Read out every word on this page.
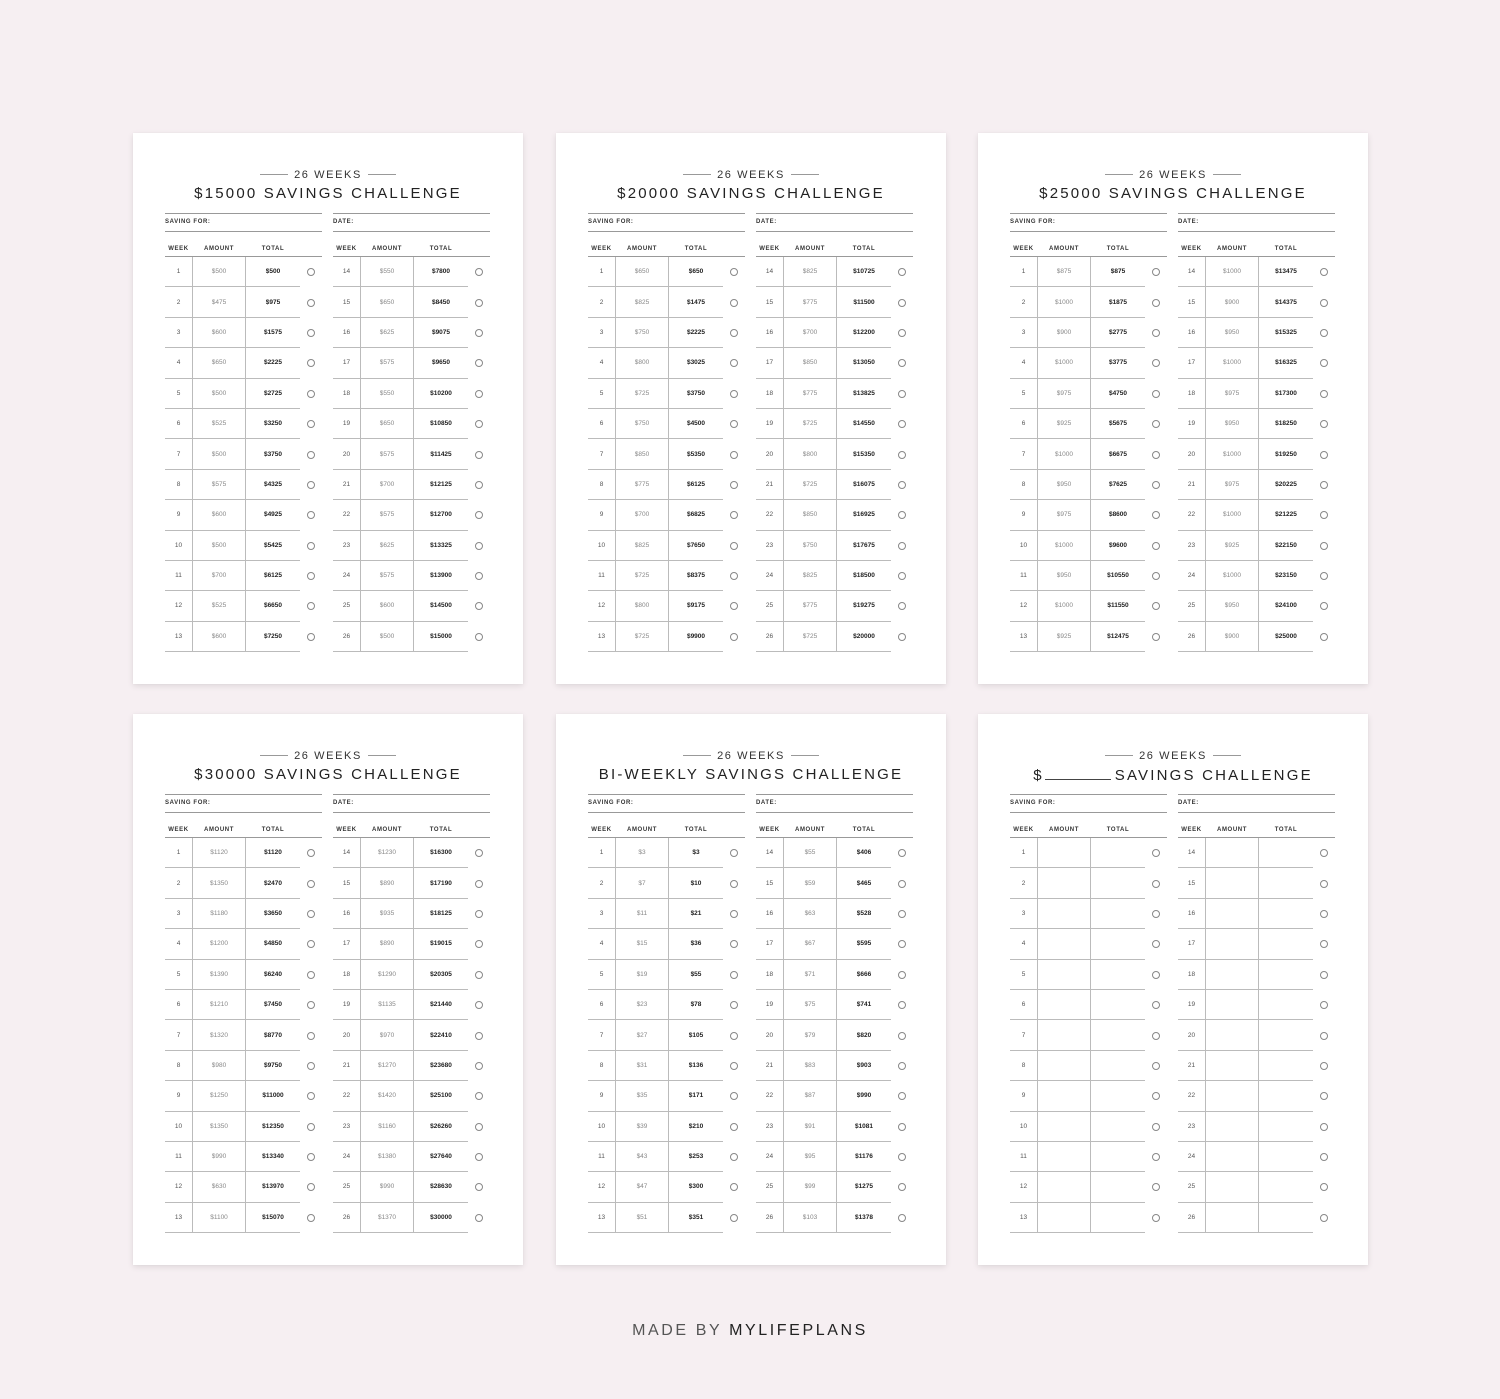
26 WEEKS
$15000 SAVINGS CHALLENGE
SAVING FOR:
WEEK	AMOUNT	TOTAL
1	$500	$500
2	$475	$975
3	$600	$1575
4	$650	$2225
5	$500	$2725
6	$525	$3250
7	$500	$3750
8	$575	$4325
9	$600	$4925
10	$500	$5425
11	$700	$6125
12	$525	$6650
13	$600	$7250
DATE:
WEEK	AMOUNT	TOTAL
14	$550	$7800
15	$650	$8450
16	$625	$9075
17	$575	$9650
18	$550	$10200
19	$650	$10850
20	$575	$11425
21	$700	$12125
22	$575	$12700
23	$625	$13325
24	$575	$13900
25	$600	$14500
26	$500	$15000
26 WEEKS
$20000 SAVINGS CHALLENGE
SAVING FOR:
WEEK	AMOUNT	TOTAL
1	$650	$650
2	$825	$1475
3	$750	$2225
4	$800	$3025
5	$725	$3750
6	$750	$4500
7	$850	$5350
8	$775	$6125
9	$700	$6825
10	$825	$7650
11	$725	$8375
12	$800	$9175
13	$725	$9900
DATE:
WEEK	AMOUNT	TOTAL
14	$825	$10725
15	$775	$11500
16	$700	$12200
17	$850	$13050
18	$775	$13825
19	$725	$14550
20	$800	$15350
21	$725	$16075
22	$850	$16925
23	$750	$17675
24	$825	$18500
25	$775	$19275
26	$725	$20000
26 WEEKS
$25000 SAVINGS CHALLENGE
SAVING FOR:
WEEK	AMOUNT	TOTAL
1	$875	$875
2	$1000	$1875
3	$900	$2775
4	$1000	$3775
5	$975	$4750
6	$925	$5675
7	$1000	$6675
8	$950	$7625
9	$975	$8600
10	$1000	$9600
11	$950	$10550
12	$1000	$11550
13	$925	$12475
DATE:
WEEK	AMOUNT	TOTAL
14	$1000	$13475
15	$900	$14375
16	$950	$15325
17	$1000	$16325
18	$975	$17300
19	$950	$18250
20	$1000	$19250
21	$975	$20225
22	$1000	$21225
23	$925	$22150
24	$1000	$23150
25	$950	$24100
26	$900	$25000
26 WEEKS
$30000 SAVINGS CHALLENGE
SAVING FOR:
WEEK	AMOUNT	TOTAL
1	$1120	$1120
2	$1350	$2470
3	$1180	$3650
4	$1200	$4850
5	$1390	$6240
6	$1210	$7450
7	$1320	$8770
8	$980	$9750
9	$1250	$11000
10	$1350	$12350
11	$990	$13340
12	$630	$13970
13	$1100	$15070
DATE:
WEEK	AMOUNT	TOTAL
14	$1230	$16300
15	$890	$17190
16	$935	$18125
17	$890	$19015
18	$1290	$20305
19	$1135	$21440
20	$970	$22410
21	$1270	$23680
22	$1420	$25100
23	$1160	$26260
24	$1380	$27640
25	$990	$28630
26	$1370	$30000
26 WEEKS
BI-WEEKLY SAVINGS CHALLENGE
SAVING FOR:
WEEK	AMOUNT	TOTAL
1	$3	$3
2	$7	$10
3	$11	$21
4	$15	$36
5	$19	$55
6	$23	$78
7	$27	$105
8	$31	$136
9	$35	$171
10	$39	$210
11	$43	$253
12	$47	$300
13	$51	$351
DATE:
WEEK	AMOUNT	TOTAL
14	$55	$406
15	$59	$465
16	$63	$528
17	$67	$595
18	$71	$666
19	$75	$741
20	$79	$820
21	$83	$903
22	$87	$990
23	$91	$1081
24	$95	$1176
25	$99	$1275
26	$103	$1378
26 WEEKS
$	SAVINGS CHALLENGE
SAVING FOR:
WEEK	AMOUNT	TOTAL
1
2
3
4
5
6
7
8
9
10
11
12
13
DATE:
WEEK	AMOUNT	TOTAL
14
15
16
17
18
19
20
21
22
23
24
25
26
MADE BY MYLIFEPLANS
